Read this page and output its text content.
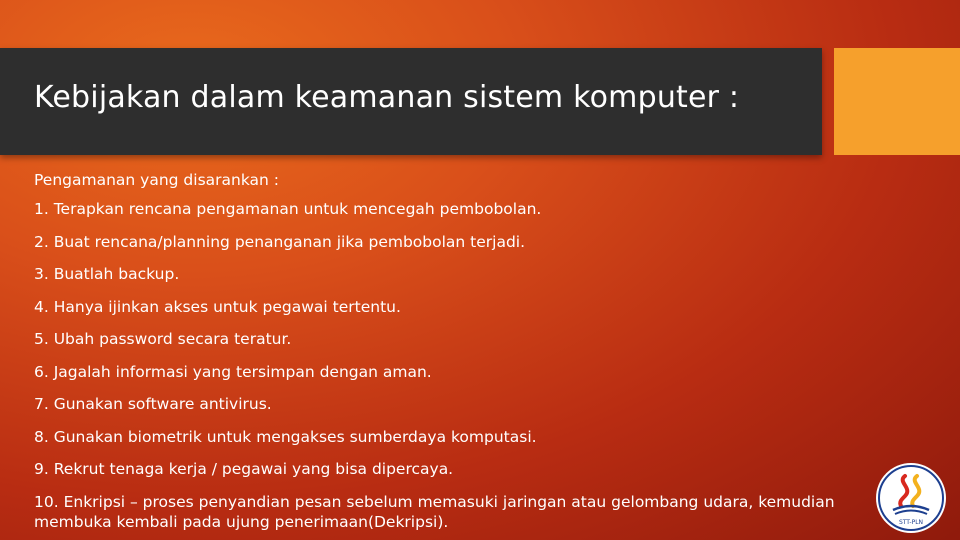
Kebijakan dalam keamanan sistem komputer :
Pengamanan yang disarankan :
1. Terapkan rencana pengamanan untuk mencegah pembobolan.
2. Buat rencana/planning penanganan jika pembobolan terjadi.
3. Buatlah backup.
4. Hanya ijinkan akses untuk pegawai tertentu.
5. Ubah password secara teratur.
6. Jagalah informasi yang tersimpan dengan aman.
7. Gunakan software antivirus.
8. Gunakan biometrik untuk mengakses sumberdaya komputasi.
9. Rekrut tenaga kerja / pegawai yang bisa dipercaya.
10. Enkripsi – proses penyandian pesan sebelum memasuki jaringan atau gelombang udara, kemudian membuka kembali pada ujung penerimaan(Dekripsi).	STT-PLN
